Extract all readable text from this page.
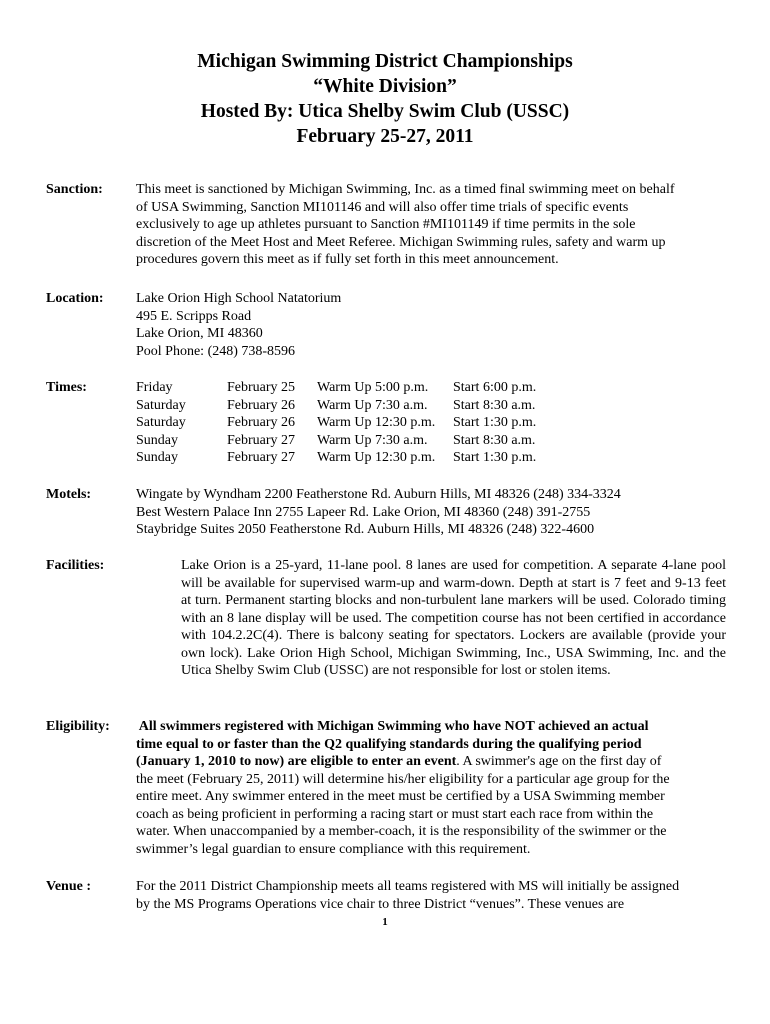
Michigan Swimming District Championships
“White Division”
Hosted By: Utica Shelby Swim Club (USSC)
February 25-27, 2011
Sanction: This meet is sanctioned by Michigan Swimming, Inc. as a timed final swimming meet on behalf
of USA Swimming, Sanction MI101146 and will also offer time trials of specific events
exclusively to age up athletes pursuant to Sanction #MI101149 if time permits in the sole
discretion of the Meet Host and Meet Referee. Michigan Swimming rules, safety and warm up
procedures govern this meet as if fully set forth in this meet announcement.
Location: Lake Orion High School Natatorium
495 E. Scripps Road
Lake Orion, MI 48360
Pool Phone: (248) 738-8596
Times:	Friday	February 25 Warm Up 5:00 p.m. Start 6:00 p.m.
Saturday	February 26 Warm Up 7:30 a.m. Start 8:30 a.m.
Saturday	February 26 Warm Up 12:30 p.m. Start 1:30 p.m.
Sunday	February 27 Warm Up 7:30 a.m. Start 8:30 a.m.
Sunday	February 27 Warm Up 12:30 p.m. Start 1:30 p.m.
Motels:	Wingate by Wyndham 2200 Featherstone Rd. Auburn Hills, MI 48326 (248) 334-3324
Best Western Palace Inn 2755 Lapeer Rd. Lake Orion, MI 48360 (248) 391-2755
Staybridge Suites 2050 Featherstone Rd. Auburn Hills, MI 48326 (248) 322-4600
Facilities:	Lake Orion is a 25-yard, 11-lane pool. 8 lanes are used for competition. A separate 4-lane pool will be available for supervised warm-up and warm-down. Depth at start is 7 feet and 9-13 feet at turn. Permanent starting blocks and non-turbulent lane markers will be used. Colorado timing with an 8 lane display will be used. The competition course has not been certified in accordance with 104.2.2C(4). There is balcony seating for spectators. Lockers are available (provide your own lock). Lake Orion High School, Michigan Swimming, Inc., USA Swimming, Inc. and the Utica Shelby Swim Club (USSC) are not responsible for lost or stolen items.
Eligibility: All swimmers registered with Michigan Swimming who have NOT achieved an actual
time equal to or faster than the Q2 qualifying standards during the qualifying period
(January 1, 2010 to now) are eligible to enter an event. A swimmer's age on the first day of
the meet (February 25, 2011) will determine his/her eligibility for a particular age group for the
entire meet. Any swimmer entered in the meet must be certified by a USA Swimming member
coach as being proficient in performing a racing start or must start each race from within the
water. When unaccompanied by a member-coach, it is the responsibility of the swimmer or the
swimmer’s legal guardian to ensure compliance with this requirement.
Venue :	For the 2011 District Championship meets all teams registered with MS will initially be assigned
by the MS Programs Operations vice chair to three District “venues”. These venues are
1
